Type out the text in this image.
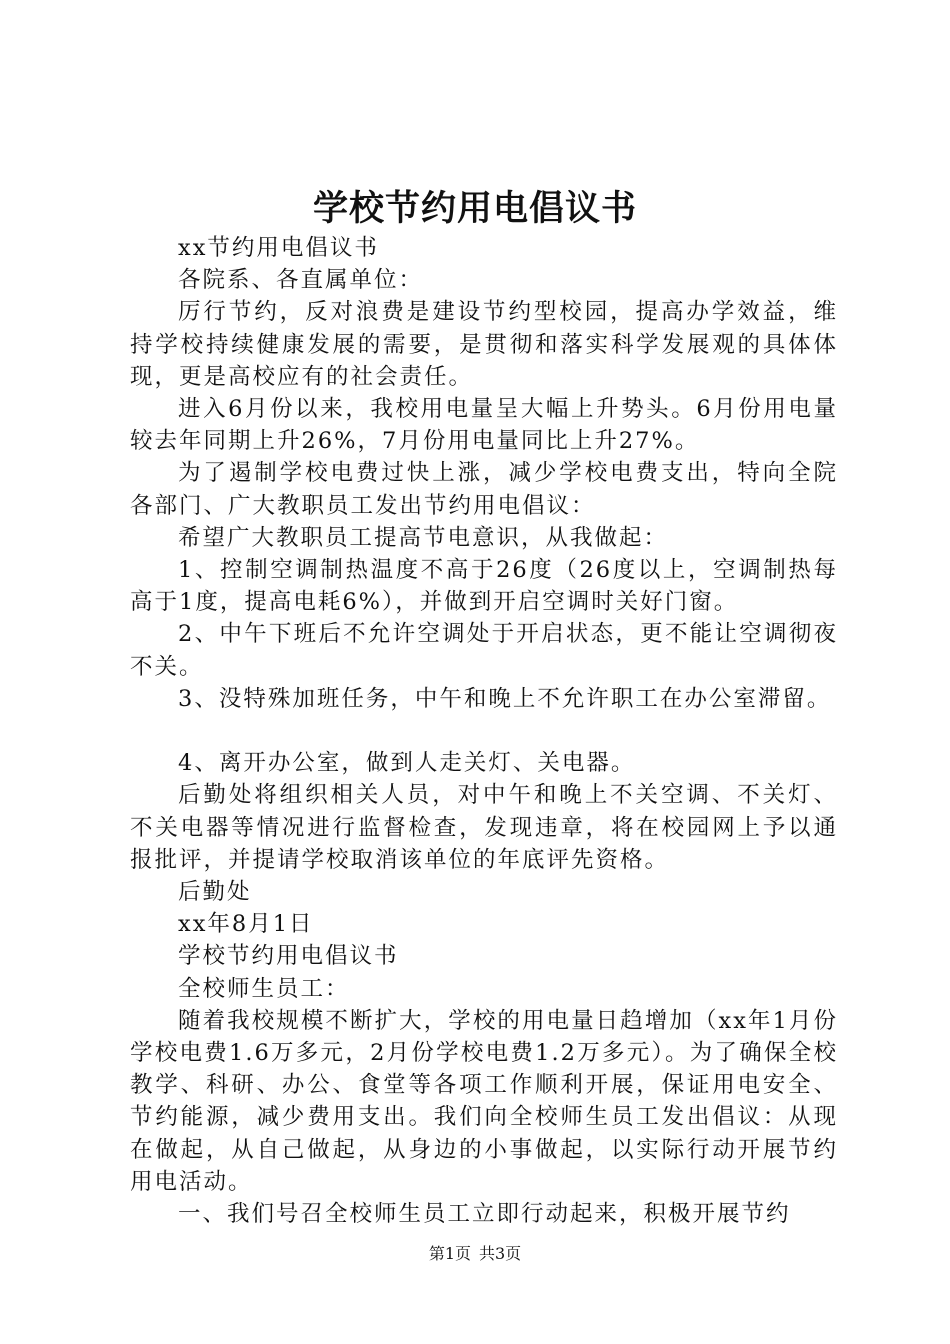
学校节约用电倡议书

xx节约用电倡议书

各院系、各直属单位：

厉行节约，反对浪费是建设节约型校园，提高办学效益，维持学校持续健康发展的需要，是贯彻和落实科学发展观的具体体现，更是高校应有的社会责任。

进入6月份以来，我校用电量呈大幅上升势头。6月份用电量较去年同期上升26%，7月份用电量同比上升27%。

为了遏制学校电费过快上涨，减少学校电费支出，特向全院各部门、广大教职员工发出节约用电倡议：

希望广大教职员工提高节电意识，从我做起：

1、控制空调制热温度不高于26度（26度以上，空调制热每高于1度，提高电耗6%），并做到开启空调时关好门窗。

2、中午下班后不允许空调处于开启状态，更不能让空调彻夜不关。

3、没特殊加班任务，中午和晚上不允许职工在办公室滞留。

4、离开办公室，做到人走关灯、关电器。

后勤处将组织相关人员，对中午和晚上不关空调、不关灯、不关电器等情况进行监督检查，发现违章，将在校园网上予以通报批评，并提请学校取消该单位的年底评先资格。

后勤处

xx年8月1日

学校节约用电倡议书

全校师生员工：

随着我校规模不断扩大，学校的用电量日趋增加（xx年1月份学校电费1.6万多元，2月份学校电费1.2万多元）。为了确保全校教学、科研、办公、食堂等各项工作顺利开展，保证用电安全、节约能源，减少费用支出。我们向全校师生员工发出倡议：从现在做起，从自己做起，从身边的小事做起，以实际行动开展节约用电活动。

一、我们号召全校师生员工立即行动起来，积极开展节约

第1页 共3页
